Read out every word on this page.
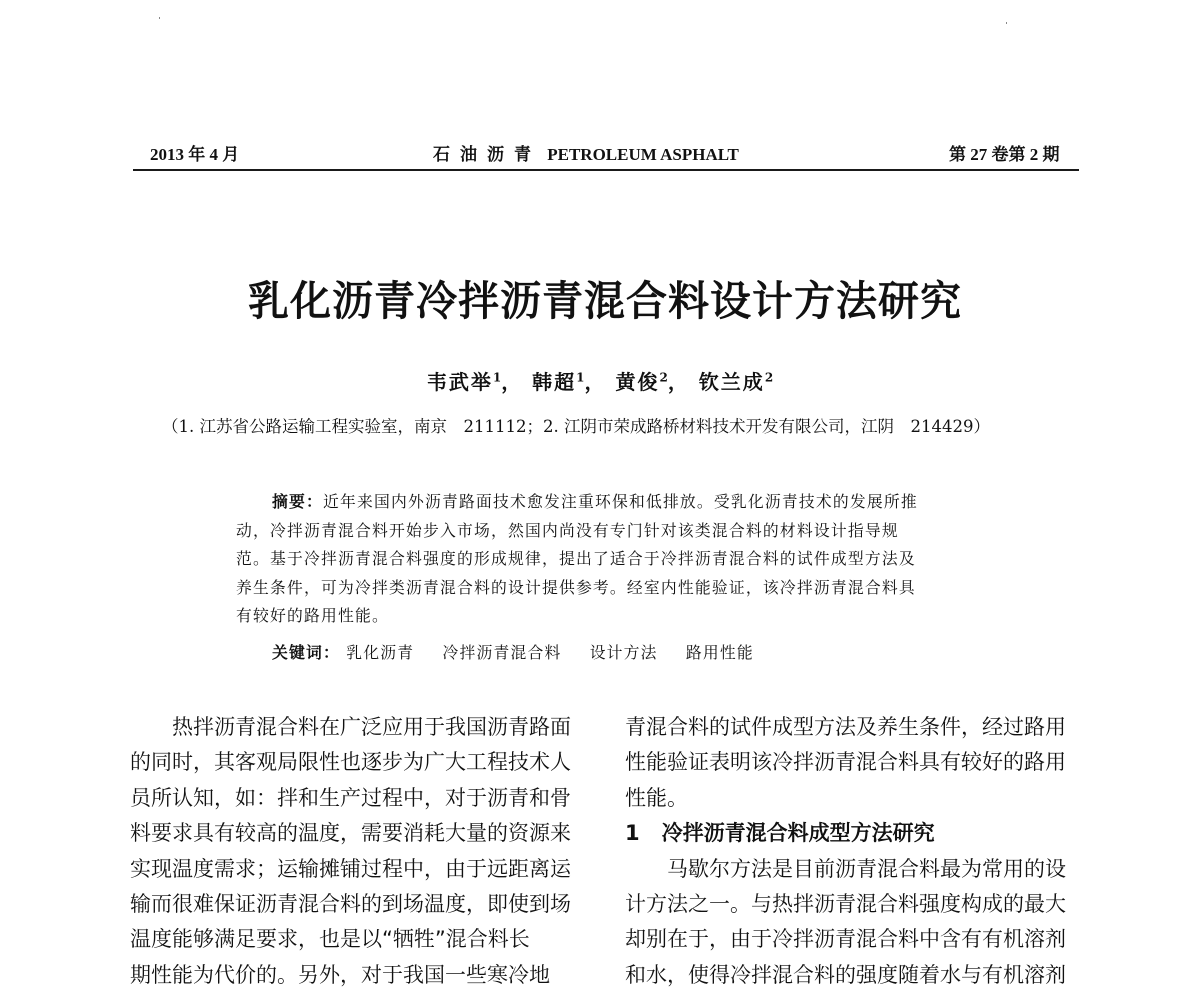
2013 年 4 月	石油沥青 PETROLEUM ASPHALT	第 27 卷第 2 期
乳化沥青冷拌沥青混合料设计方法研究
韦武举$^1$， 韩超$^1$， 黄俊$^2$， 钦兰成$^2$
（1. 江苏省公路运输工程实验室，南京　211112；2. 江阴市荣成路桥材料技术开发有限公司，江阴　214429）
摘要：近年来国内外沥青路面技术愈发注重环保和低排放。受乳化沥青技术的发展所推
动，冷拌沥青混合料开始步入市场，然国内尚没有专门针对该类混合料的材料设计指导规
范。基于冷拌沥青混合料强度的形成规律，提出了适合于冷拌沥青混合料的试件成型方法及
养生条件，可为冷拌类沥青混合料的设计提供参考。经室内性能验证，该冷拌沥青混合料具
有较好的路用性能。
关键词： 乳化沥青 冷拌沥青混合料 设计方法 路用性能
热拌沥青混合料在广泛应用于我国沥青路面
的同时，其客观局限性也逐步为广大工程技术人
员所认知，如：拌和生产过程中，对于沥青和骨
料要求具有较高的温度，需要消耗大量的资源来
实现温度需求；运输摊铺过程中，由于远距离运
输而很难保证沥青混合料的到场温度，即使到场
温度能够满足要求，也是以“牺牲”混合料长
期性能为代价的。另外，对于我国一些寒冷地
青混合料的试件成型方法及养生条件，经过路用
性能验证表明该冷拌沥青混合料具有较好的路用
性能。
1 冷拌沥青混合料成型方法研究
马歇尔方法是目前沥青混合料最为常用的设
计方法之一。与热拌沥青混合料强度构成的最大
却别在于，由于冷拌沥青混合料中含有有机溶剂
和水，使得冷拌混合料的强度随着水与有机溶剂
